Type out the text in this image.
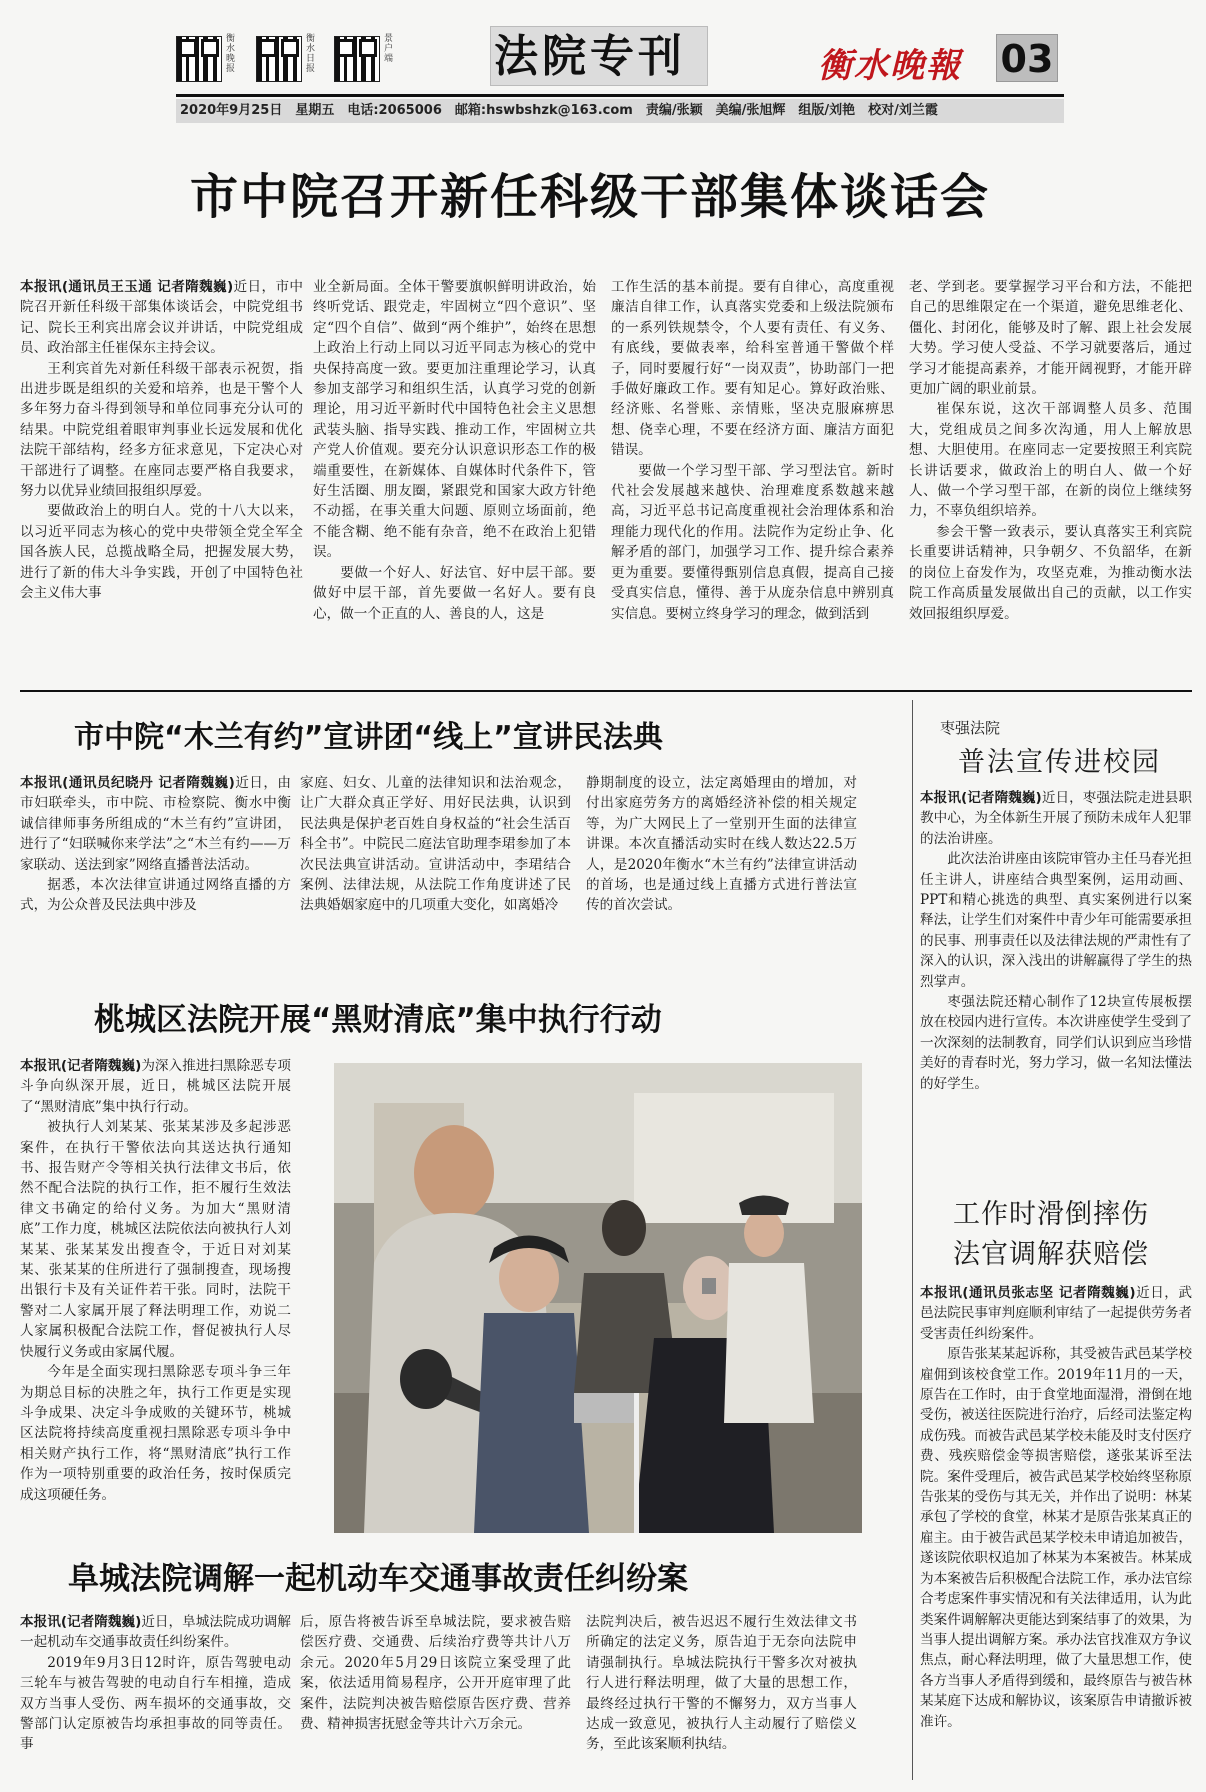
衡水晚报
衡水日报
景户端 法院专刊	衡水晚報 03
2020年9月25日 星期五 电话:2065006 邮箱:hswbshzk@163.com 责编/张颖 美编/张旭辉 组版/刘艳 校对/刘兰霞
市中院召开新任科级干部集体谈话会

本报讯(通讯员王玉通 记者隋魏巍)近日，市中院召开新任科级干部集体谈话会，中院党组书记、院长王利宾出席会议并讲话，中院党组成员、政治部主任崔保东主持会议。

王利宾首先对新任科级干部表示祝贺，指出进步既是组织的关爱和培养，也是干警个人多年努力奋斗得到领导和单位同事充分认可的结果。中院党组着眼审判事业长远发展和优化法院干部结构，经多方征求意见，下定决心对干部进行了调整。在座同志要严格自我要求，努力以优异业绩回报组织厚爱。

要做政治上的明白人。党的十八大以来，以习近平同志为核心的党中央带领全党全军全国各族人民，总揽战略全局，把握发展大势，进行了新的伟大斗争实践，开创了中国特色社会主义伟大事

业全新局面。全体干警要旗帜鲜明讲政治，始终听党话、跟党走，牢固树立“四个意识”、坚定“四个自信”、做到“两个维护”，始终在思想上政治上行动上同以习近平同志为核心的党中央保持高度一致。要更加注重理论学习，认真参加支部学习和组织生活，认真学习党的创新理论，用习近平新时代中国特色社会主义思想武装头脑、指导实践、推动工作，牢固树立共产党人价值观。要充分认识意识形态工作的极端重要性，在新媒体、自媒体时代条件下，管好生活圈、朋友圈，紧跟党和国家大政方针绝不动摇，在事关重大问题、原则立场面前，绝不能含糊、绝不能有杂音，绝不在政治上犯错误。

要做一个好人、好法官、好中层干部。要做好中层干部，首先要做一名好人。要有良心，做一个正直的人、善良的人，这是

工作生活的基本前提。要有自律心，高度重视廉洁自律工作，认真落实党委和上级法院颁布的一系列铁规禁令，个人要有责任、有义务、有底线，要做表率，给科室普通干警做个样子，同时要履行好“一岗双责”，协助部门一把手做好廉政工作。要有知足心。算好政治账、经济账、名誉账、亲情账，坚决克服麻痹思想、侥幸心理，不要在经济方面、廉洁方面犯错误。

要做一个学习型干部、学习型法官。新时代社会发展越来越快、治理难度系数越来越高，习近平总书记高度重视社会治理体系和治理能力现代化的作用。法院作为定纷止争、化解矛盾的部门，加强学习工作、提升综合素养更为重要。要懂得甄别信息真假，提高自己接受真实信息，懂得、善于从庞杂信息中辨别真实信息。要树立终身学习的理念，做到活到

老、学到老。要掌握学习平台和方法，不能把自己的思维限定在一个渠道，避免思维老化、僵化、封闭化，能够及时了解、跟上社会发展大势。学习使人受益、不学习就要落后，通过学习才能提高素养，才能开阔视野，才能开辟更加广阔的职业前景。

崔保东说，这次干部调整人员多、范围大，党组成员之间多次沟通，用人上解放思想、大胆使用。在座同志一定要按照王利宾院长讲话要求，做政治上的明白人、做一个好人、做一个学习型干部，在新的岗位上继续努力，不辜负组织培养。

参会干警一致表示，要认真落实王利宾院长重要讲话精神，只争朝夕、不负韶华，在新的岗位上奋发作为，攻坚克难，为推动衡水法院工作高质量发展做出自己的贡献，以工作实效回报组织厚爱。

市中院“木兰有约”宣讲团“线上”宣讲民法典

本报讯(通讯员纪晓丹 记者隋魏巍)近日，由市妇联牵头，市中院、市检察院、衡水中衡诚信律师事务所组成的“木兰有约”宣讲团，进行了“妇联喊你来学法”之“木兰有约——万家联动、送法到家”网络直播普法活动。

据悉，本次法律宣讲通过网络直播的方式，为公众普及民法典中涉及

家庭、妇女、儿童的法律知识和法治观念，让广大群众真正学好、用好民法典，认识到民法典是保护老百姓自身权益的“社会生活百科全书”。中院民二庭法官助理李珺参加了本次民法典宣讲活动。宣讲活动中，李珺结合案例、法律法规，从法院工作角度讲述了民法典婚姻家庭中的几项重大变化，如离婚冷

静期制度的设立，法定离婚理由的增加，对付出家庭劳务方的离婚经济补偿的相关规定等，为广大网民上了一堂别开生面的法律宣讲课。本次直播活动实时在线人数达22.5万人，是2020年衡水“木兰有约”法律宣讲活动的首场，也是通过线上直播方式进行普法宣传的首次尝试。

桃城区法院开展“黑财清底”集中执行行动

本报讯(记者隋魏巍)为深入推进扫黑除恶专项斗争向纵深开展，近日，桃城区法院开展了“黑财清底”集中执行行动。

被执行人刘某某、张某某涉及多起涉恶案件，在执行干警依法向其送达执行通知书、报告财产令等相关执行法律文书后，依然不配合法院的执行工作，拒不履行生效法律文书确定的给付义务。为加大“黑财清底”工作力度，桃城区法院依法向被执行人刘某某、张某某发出搜查令，于近日对刘某某、张某某的住所进行了强制搜查，现场搜出银行卡及有关证件若干张。同时，法院干警对二人家属开展了释法明理工作，劝说二人家属积极配合法院工作，督促被执行人尽快履行义务或由家属代履。

今年是全面实现扫黑除恶专项斗争三年为期总目标的决胜之年，执行工作更是实现斗争成果、决定斗争成败的关键环节，桃城区法院将持续高度重视扫黑除恶专项斗争中相关财产执行工作，将“黑财清底”执行工作作为一项特别重要的政治任务，按时保质完成这项硬任务。

阜城法院调解一起机动车交通事故责任纠纷案

本报讯(记者隋魏巍)近日，阜城法院成功调解一起机动车交通事故责任纠纷案件。

2019年9月3日12时许，原告驾驶电动三轮车与被告驾驶的电动自行车相撞，造成双方当事人受伤、两车损坏的交通事故，交警部门认定原被告均承担事故的同等责任。事

后，原告将被告诉至阜城法院，要求被告赔偿医疗费、交通费、后续治疗费等共计八万余元。2020年5月29日该院立案受理了此案，依法适用简易程序，公开开庭审理了此案件，法院判决被告赔偿原告医疗费、营养费、精神损害抚慰金等共计六万余元。

法院判决后，被告迟迟不履行生效法律文书所确定的法定义务，原告迫于无奈向法院申请强制执行。阜城法院执行干警多次对被执行人进行释法明理，做了大量的思想工作，最终经过执行干警的不懈努力，双方当事人达成一致意见，被执行人主动履行了赔偿义务，至此该案顺利执结。

枣强法院
普法宣传进校园

本报讯(记者隋魏巍)近日，枣强法院走进县职教中心，为全体新生开展了预防未成年人犯罪的法治讲座。

此次法治讲座由该院审管办主任马春光担任主讲人，讲座结合典型案例，运用动画、PPT和精心挑选的典型、真实案例进行以案释法，让学生们对案件中青少年可能需要承担的民事、刑事责任以及法律法规的严肃性有了深入的认识，深入浅出的讲解赢得了学生的热烈掌声。

枣强法院还精心制作了12块宣传展板摆放在校园内进行宣传。本次讲座使学生受到了一次深刻的法制教育，同学们认识到应当珍惜美好的青春时光，努力学习，做一名知法懂法的好学生。

工作时滑倒摔伤
法官调解获赔偿

本报讯(通讯员张志坚 记者隋魏巍)近日，武邑法院民事审判庭顺利审结了一起提供劳务者受害责任纠纷案件。

原告张某某起诉称，其受被告武邑某学校雇佣到该校食堂工作。2019年11月的一天，原告在工作时，由于食堂地面湿滑，滑倒在地受伤，被送往医院进行治疗，后经司法鉴定构成伤残。而被告武邑某学校未能及时支付医疗费、残疾赔偿金等损害赔偿，遂张某诉至法院。案件受理后，被告武邑某学校始终坚称原告张某的受伤与其无关，并作出了说明：林某承包了学校的食堂，林某才是原告张某真正的雇主。由于被告武邑某学校未申请追加被告，遂该院依职权追加了林某为本案被告。林某成为本案被告后积极配合法院工作，承办法官综合考虑案件事实情况和有关法律适用，认为此类案件调解解决更能达到案结事了的效果，为当事人提出调解方案。承办法官找准双方争议焦点，耐心释法明理，做了大量思想工作，使各方当事人矛盾得到缓和，最终原告与被告林某某庭下达成和解协议，该案原告申请撤诉被准许。
